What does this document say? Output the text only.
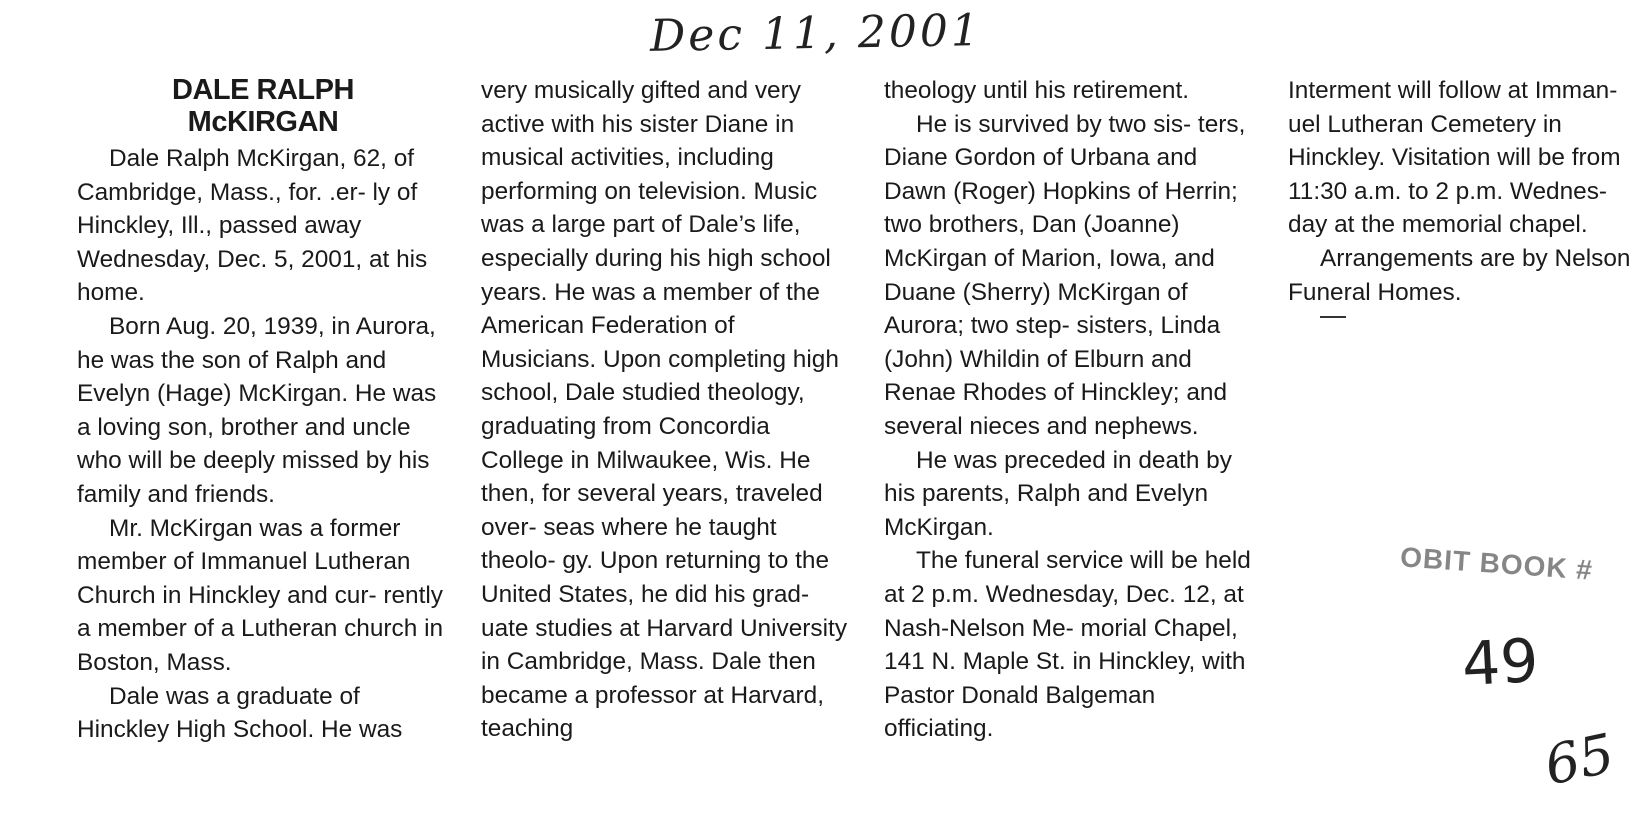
Dec 11, 2001

DALE RALPH
McKIRGAN

Dale Ralph McKirgan, 62, of Cambridge, Mass., for. .er- ly of Hinckley, Ill., passed away Wednesday, Dec. 5, 2001, at his home.

Born Aug. 20, 1939, in Aurora, he was the son of Ralph and Evelyn (Hage) McKirgan. He was a loving son, brother and uncle who will be deeply missed by his family and friends.

Mr. McKirgan was a former member of Immanuel Lutheran Church in Hinckley and cur- rently a member of a Lutheran church in Boston, Mass.

Dale was a graduate of Hinckley High School. He was

very musically gifted and very active with his sister Diane in musical activities, including performing on television. Music was a large part of Dale’s life, especially during his high school years. He was a member of the American Federation of Musicians. Upon completing high school, Dale studied theology, graduating from Concordia College in Milwaukee, Wis. He then, for several years, traveled over- seas where he taught theolo- gy. Upon returning to the United States, he did his grad- uate studies at Harvard University in Cambridge, Mass. Dale then became a professor at Harvard, teaching

theology until his retirement.

He is survived by two sis- ters, Diane Gordon of Urbana and Dawn (Roger) Hopkins of Herrin; two brothers, Dan (Joanne) McKirgan of Marion, Iowa, and Duane (Sherry) McKirgan of Aurora; two step- sisters, Linda (John) Whildin of Elburn and Renae Rhodes of Hinckley; and several nieces and nephews.

He was preceded in death by his parents, Ralph and Evelyn McKirgan.

The funeral service will be held at 2 p.m. Wednesday, Dec. 12, at Nash-Nelson Me- morial Chapel, 141 N. Maple St. in Hinckley, with Pastor Donald Balgeman officiating.

Interment will follow at Imman- uel Lutheran Cemetery in Hinckley. Visitation will be from 11:30 a.m. to 2 p.m. Wednes- day at the memorial chapel.

Arrangements are by Nelson Funeral Homes.

OBIT BOOK #
49
65
